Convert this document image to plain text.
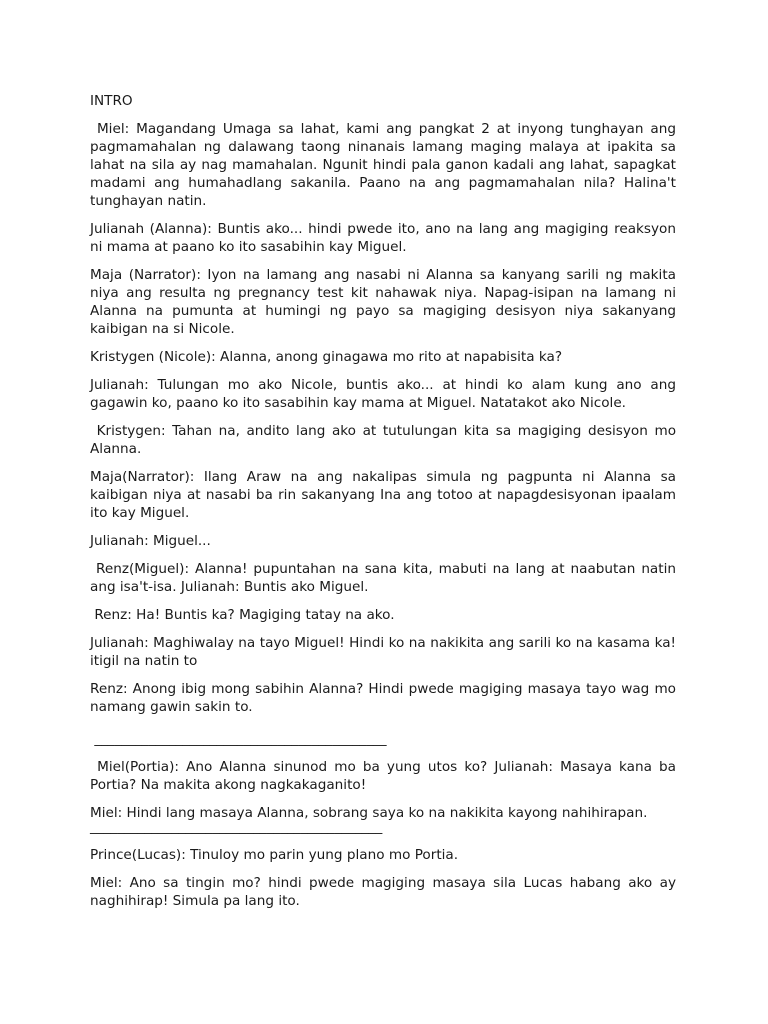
INTRO
Miel: Magandang Umaga sa lahat, kami ang pangkat 2 at inyong tunghayan ang pagmamahalan ng dalawang taong ninanais lamang maging malaya at ipakita sa lahat na sila ay nag mamahalan. Ngunit hindi pala ganon kadali ang lahat, sapagkat madami ang humahadlang sakanila. Paano na ang pagmamahalan nila? Halina't tunghayan natin.
Julianah (Alanna): Buntis ako... hindi pwede ito, ano na lang ang magiging reaksyon ni mama at paano ko ito sasabihin kay Miguel.
Maja (Narrator): Iyon na lamang ang nasabi ni Alanna sa kanyang sarili ng makita niya ang resulta ng pregnancy test kit nahawak niya. Napag-isipan na lamang ni Alanna na pumunta at humingi ng payo sa magiging desisyon niya sakanyang kaibigan na si Nicole.
Kristygen (Nicole): Alanna, anong ginagawa mo rito at napabisita ka?
Julianah: Tulungan mo ako Nicole, buntis ako... at hindi ko alam kung ano ang gagawin ko, paano ko ito sasabihin kay mama at Miguel. Natatakot ako Nicole.
Kristygen: Tahan na, andito lang ako at tutulungan kita sa magiging desisyon mo Alanna.
Maja(Narrator): Ilang Araw na ang nakalipas simula ng pagpunta ni Alanna sa kaibigan niya at nasabi ba rin sakanyang Ina ang totoo at napagdesisyonan ipaalam ito kay Miguel.
Julianah: Miguel...
Renz(Miguel): Alanna! pupuntahan na sana kita, mabuti na lang at naabutan natin ang isa't-isa. Julianah: Buntis ako Miguel.
Renz: Ha! Buntis ka? Magiging tatay na ako.
Julianah: Maghiwalay na tayo Miguel! Hindi ko na nakikita ang sarili ko na kasama ka! itigil na natin to
Renz: Anong ibig mong sabihin Alanna? Hindi pwede magiging masaya tayo wag mo namang gawin sakin to.
___________________________________________
Miel(Portia): Ano Alanna sinunod mo ba yung utos ko? Julianah: Masaya kana ba Portia? Na makita akong nagkakaganito!
Miel: Hindi lang masaya Alanna, sobrang saya ko na nakikita kayong nahihirapan.
___________________________________________
Prince(Lucas): Tinuloy mo parin yung plano mo Portia.
Miel: Ano sa tingin mo? hindi pwede magiging masaya sila Lucas habang ako ay naghihirap! Simula pa lang ito.
